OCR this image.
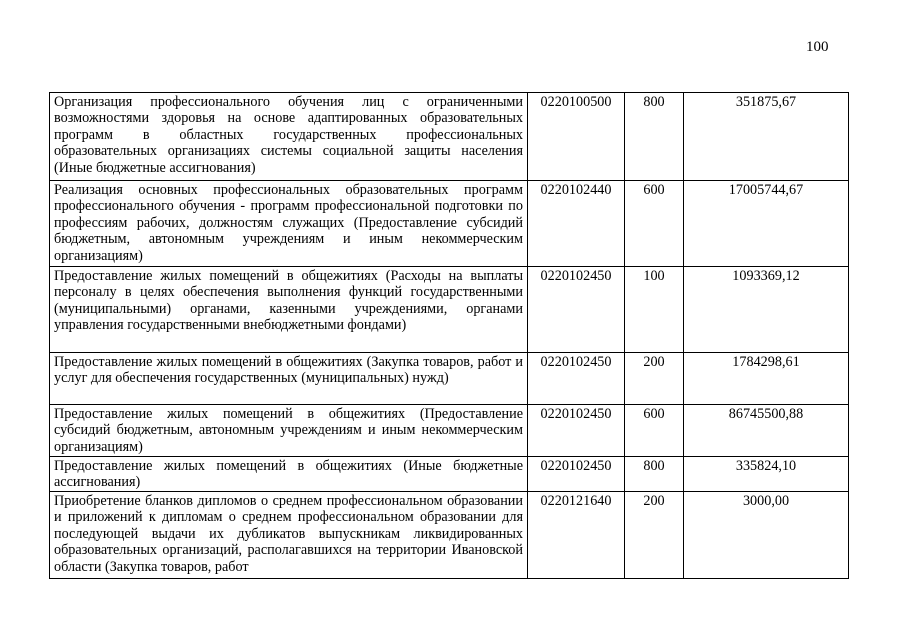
100
Организация профессионального обучения лиц с ограниченными возможностями здоровья на основе адаптированных образовательных программ в областных государственных профессиональных образовательных организациях системы социальной защиты населения (Иные бюджетные ассигнования)	0220100500	800	351875,67
Реализация основных профессиональных образовательных программ профессионального обучения - программ профессиональной подготовки по профессиям рабочих, должностям служащих (Предоставление субсидий бюджетным, автономным учреждениям и иным некоммерческим организациям)	0220102440	600	17005744,67
Предоставление жилых помещений в общежитиях (Расходы на выплаты персоналу в целях обеспечения выполнения функций государственными (муниципальными) органами, казенными учреждениями, органами управления государственными внебюджетными фондами)	0220102450	100	1093369,12
Предоставление жилых помещений в общежитиях (Закупка товаров, работ и услуг для обеспечения государственных (муниципальных) нужд)	0220102450	200	1784298,61
Предоставление жилых помещений в общежитиях (Предоставление субсидий бюджетным, автономным учреждениям и иным некоммерческим организациям)	0220102450	600	86745500,88
Предоставление жилых помещений в общежитиях (Иные бюджетные ассигнования)	0220102450	800	335824,10
Приобретение бланков дипломов о среднем профессиональном образовании и приложений к дипломам о среднем профессиональном образовании для последующей выдачи их дубликатов выпускникам ликвидированных образовательных организаций, располагавшихся на территории Ивановской области (Закупка товаров, работ	0220121640	200	3000,00
